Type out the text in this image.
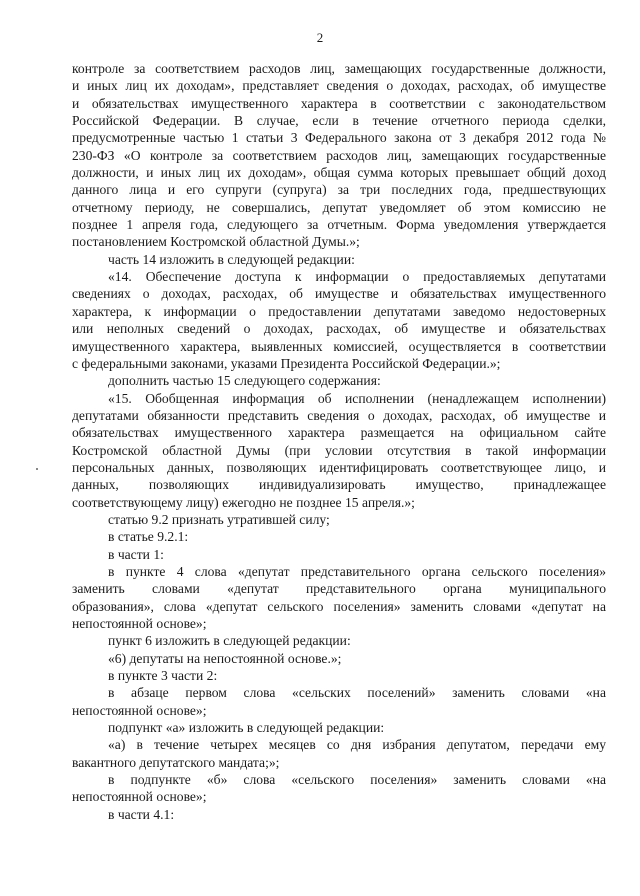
2
контроле за соответствием расходов лиц, замещающих государственные должности,
и иных лиц их доходам», представляет сведения о доходах, расходах, об имуществе
и обязательствах имущественного характера в соответствии с законодательством
Российской Федерации. В случае, если в течение отчетного периода сделки,
предусмотренные частью 1 статьи 3 Федерального закона от 3 декабря 2012 года №
230-ФЗ «О контроле за соответствием расходов лиц, замещающих государственные
должности, и иных лиц их доходам», общая сумма которых превышает общий доход
данного лица и его супруги (супруга) за три последних года, предшествующих
отчетному периоду, не совершались, депутат уведомляет об этом комиссию не
позднее 1 апреля года, следующего за отчетным. Форма уведомления утверждается
постановлением Костромской областной Думы.»;
часть 14 изложить в следующей редакции:
«14. Обеспечение доступа к информации о предоставляемых депутатами
сведениях о доходах, расходах, об имуществе и обязательствах имущественного
характера, к информации о предоставлении депутатами заведомо недостоверных
или неполных сведений о доходах, расходах, об имуществе и обязательствах
имущественного характера, выявленных комиссией, осуществляется в соответствии
с федеральными законами, указами Президента Российской Федерации.»;
дополнить частью 15 следующего содержания:
«15. Обобщенная информация об исполнении (ненадлежащем исполнении)
депутатами обязанности представить сведения о доходах, расходах, об имуществе и
обязательствах имущественного характера размещается на официальном сайте
Костромской областной Думы (при условии отсутствия в такой информации
персональных данных, позволяющих идентифицировать соответствующее лицо, и
данных, позволяющих индивидуализировать имущество, принадлежащее
соответствующему лицу) ежегодно не позднее 15 апреля.»;
статью 9.2 признать утратившей силу;
в статье 9.2.1:
в части 1:
в пункте 4 слова «депутат представительного органа сельского поселения»
заменить словами «депутат представительного органа муниципального
образования», слова «депутат сельского поселения» заменить словами «депутат на
непостоянной основе»;
пункт 6 изложить в следующей редакции:
«6) депутаты на непостоянной основе.»;
в пункте 3 части 2:
в абзаце первом слова «сельских поселений» заменить словами «на
непостоянной основе»;
подпункт «а» изложить в следующей редакции:
«а) в течение четырех месяцев со дня избрания депутатом, передачи ему
вакантного депутатского мандата;»;
в подпункте «б» слова «сельского поселения» заменить словами «на
непостоянной основе»;
в части 4.1:
